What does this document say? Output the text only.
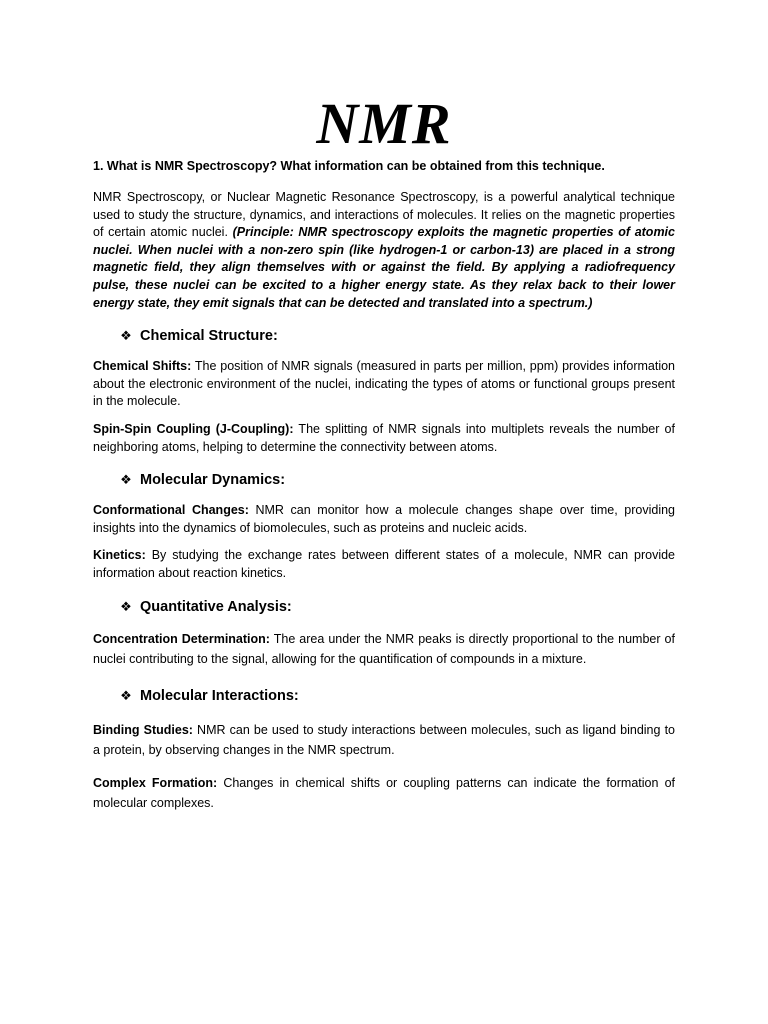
NMR
1. What is NMR Spectroscopy? What information can be obtained from this technique.

NMR Spectroscopy, or Nuclear Magnetic Resonance Spectroscopy, is a powerful analytical technique used to study the structure, dynamics, and interactions of molecules. It relies on the magnetic properties of certain atomic nuclei. (Principle: NMR spectroscopy exploits the magnetic properties of atomic nuclei. When nuclei with a non-zero spin (like hydrogen-1 or carbon-13) are placed in a strong magnetic field, they align themselves with or against the field. By applying a radiofrequency pulse, these nuclei can be excited to a higher energy state. As they relax back to their lower energy state, they emit signals that can be detected and translated into a spectrum.)

❖ Chemical Structure:

Chemical Shifts: The position of NMR signals (measured in parts per million, ppm) provides information about the electronic environment of the nuclei, indicating the types of atoms or functional groups present in the molecule.

Spin-Spin Coupling (J-Coupling): The splitting of NMR signals into multiplets reveals the number of neighboring atoms, helping to determine the connectivity between atoms.

❖ Molecular Dynamics:

Conformational Changes: NMR can monitor how a molecule changes shape over time, providing insights into the dynamics of biomolecules, such as proteins and nucleic acids.

Kinetics: By studying the exchange rates between different states of a molecule, NMR can provide information about reaction kinetics.

❖ Quantitative Analysis:

Concentration Determination: The area under the NMR peaks is directly proportional to the number of nuclei contributing to the signal, allowing for the quantification of compounds in a mixture.

❖ Molecular Interactions:

Binding Studies: NMR can be used to study interactions between molecules, such as ligand binding to a protein, by observing changes in the NMR spectrum.

Complex Formation: Changes in chemical shifts or coupling patterns can indicate the formation of molecular complexes.
